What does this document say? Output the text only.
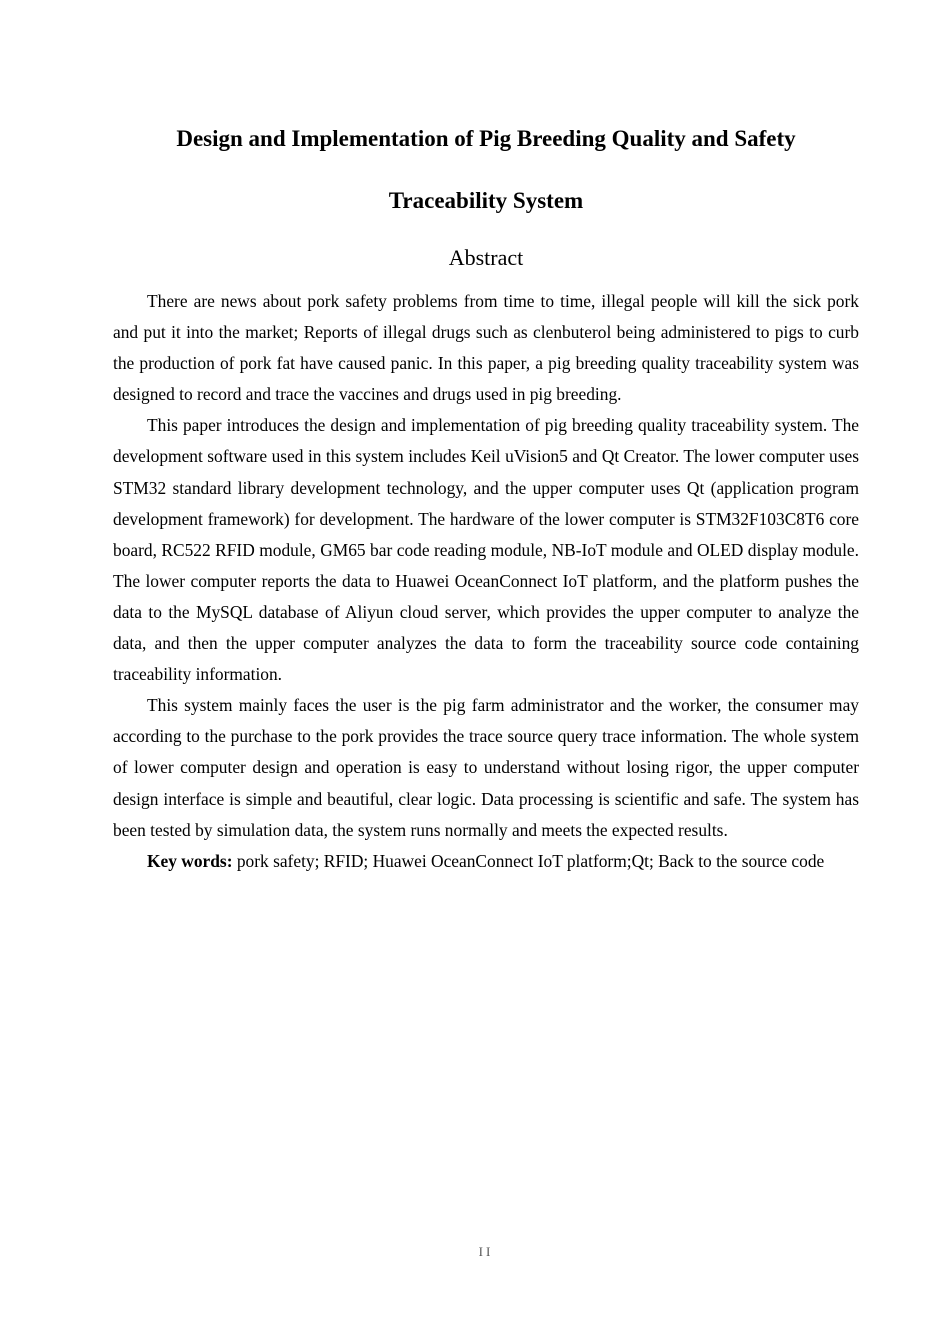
Design and Implementation of Pig Breeding Quality and Safety
Traceability System
Abstract

There are news about pork safety problems from time to time, illegal people will kill the sick pork and put it into the market; Reports of illegal drugs such as clenbuterol being administered to pigs to curb the production of pork fat have caused panic. In this paper, a pig breeding quality traceability system was designed to record and trace the vaccines and drugs used in pig breeding.

This paper introduces the design and implementation of pig breeding quality traceability system. The development software used in this system includes Keil uVision5 and Qt Creator. The lower computer uses STM32 standard library development technology, and the upper computer uses Qt (application program development framework) for development. The hardware of the lower computer is STM32F103C8T6 core board, RC522 RFID module, GM65 bar code reading module, NB-IoT module and OLED display module. The lower computer reports the data to Huawei OceanConnect IoT platform, and the platform pushes the data to the MySQL database of Aliyun cloud server, which provides the upper computer to analyze the data, and then the upper computer analyzes the data to form the traceability source code containing traceability information.

This system mainly faces the user is the pig farm administrator and the worker, the consumer may according to the purchase to the pork provides the trace source query trace information. The whole system of lower computer design and operation is easy to understand without losing rigor, the upper computer design interface is simple and beautiful, clear logic. Data processing is scientific and safe. The system has been tested by simulation data, the system runs normally and meets the expected results.

Key words: pork safety; RFID; Huawei OceanConnect IoT platform;Qt; Back to the source code

II
